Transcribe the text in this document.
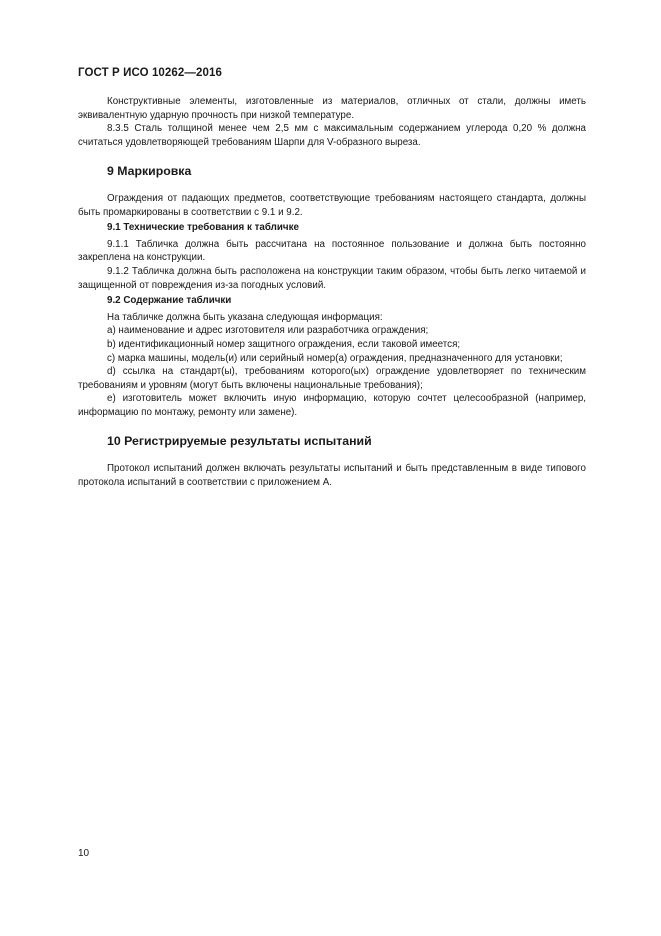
ГОСТ Р ИСО 10262—2016

Конструктивные элементы, изготовленные из материалов, отличных от стали, должны иметь эквивалентную ударную прочность при низкой температуре.

8.3.5 Сталь толщиной менее чем 2,5 мм с максимальным содержанием углерода 0,20 % должна считаться удовлетворяющей требованиям Шарпи для V-образного выреза.

9 Маркировка

Ограждения от падающих предметов, соответствующие требованиям настоящего стандарта, должны быть промаркированы в соответствии с 9.1 и 9.2.

9.1 Технические требования к табличке

9.1.1 Табличка должна быть рассчитана на постоянное пользование и должна быть постоянно закреплена на конструкции.

9.1.2 Табличка должна быть расположена на конструкции таким образом, чтобы быть легко читаемой и защищенной от повреждения из-за погодных условий.

9.2 Содержание таблички

На табличке должна быть указана следующая информация:

a) наименование и адрес изготовителя или разработчика ограждения;

b) идентификационный номер защитного ограждения, если таковой имеется;

c) марка машины, модель(и) или серийный номер(а) ограждения, предназначенного для установки;

d) ссылка на стандарт(ы), требованиям которого(ых) ограждение удовлетворяет по техническим требованиям и уровням (могут быть включены национальные требования);

e) изготовитель может включить иную информацию, которую сочтет целесообразной (например, информацию по монтажу, ремонту или замене).

10 Регистрируемые результаты испытаний

Протокол испытаний должен включать результаты испытаний и быть представленным в виде типового протокола испытаний в соответствии с приложением А.

10
